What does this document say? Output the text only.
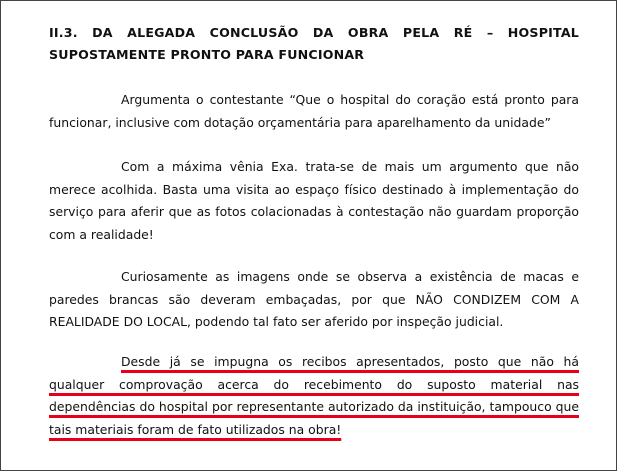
II.3. DA ALEGADA CONCLUSÃO DA OBRA PELA RÉ – HOSPITAL SUPOSTAMENTE PRONTO PARA FUNCIONAR

Argumenta o contestante “Que o hospital do coração está pronto para funcionar, inclusive com dotação orçamentária para aparelhamento da unidade”

Com a máxima vênia Exa. trata-se de mais um argumento que não merece acolhida. Basta uma visita ao espaço físico destinado à implementação do serviço para aferir que as fotos colacionadas à contestação não guardam proporção com a realidade!

Curiosamente as imagens onde se observa a existência de macas e paredes brancas são deveram embaçadas, por que NÃO CONDIZEM COM A REALIDADE DO LOCAL, podendo tal fato ser aferido por inspeção judicial.

Desde já se impugna os recibos apresentados, posto que não há qualquer comprovação acerca do recebimento do suposto material nas dependências do hospital por representante autorizado da instituição, tampouco que tais materiais foram de fato utilizados na obra!
